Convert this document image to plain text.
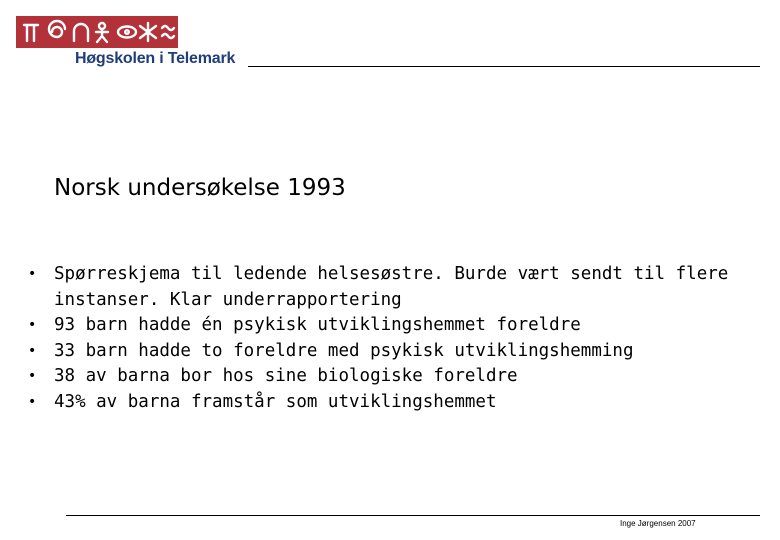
Høgskolen i Telemark
Norsk undersøkelse 1993
• Spørreskjema til ledende helsesøstre. Burde vært sendt til flere instanser. Klar underrapportering
• 93 barn hadde én psykisk utviklingshemmet foreldre
• 33 barn hadde to foreldre med psykisk utviklingshemming
• 38 av barna bor hos sine biologiske foreldre
• 43% av barna framstår som utviklingshemmet
Inge Jørgensen 2007
